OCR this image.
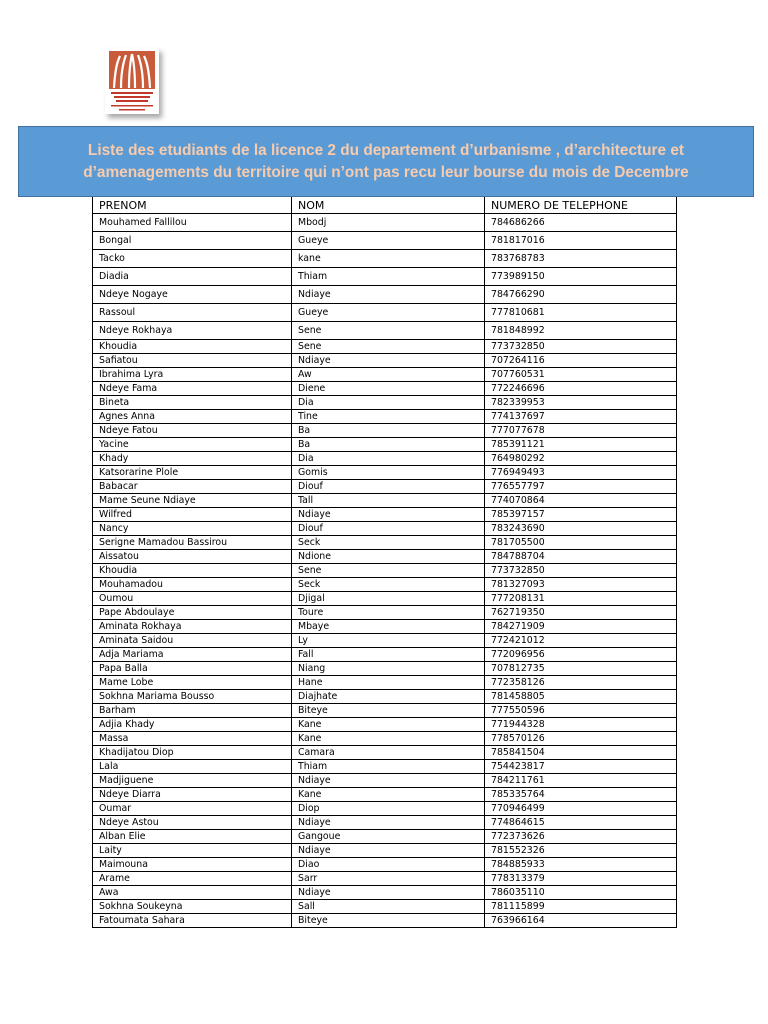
Liste des etudiants de la licence 2 du departement d’urbanisme , d’architecture et d’amenagements du territoire qui n’ont pas recu leur bourse du mois de Decembre
PRENOM	NOM	NUMERO DE TELEPHONE
Mouhamed Fallilou	Mbodj	784686266
Bongal	Gueye	781817016
Tacko	kane	783768783
Diadia	Thiam	773989150
Ndeye Nogaye	Ndiaye	784766290
Rassoul	Gueye	777810681
Ndeye Rokhaya	Sene	781848992
Khoudia	Sene	773732850
Safiatou	Ndiaye	707264116
Ibrahima Lyra	Aw	707760531
Ndeye Fama	Diene	772246696
Bineta	Dia	782339953
Agnes Anna	Tine	774137697
Ndeye Fatou	Ba	777077678
Yacine	Ba	785391121
Khady	Dia	764980292
Katsorarine Plole	Gomis	776949493
Babacar	Diouf	776557797
Mame Seune Ndiaye	Tall	774070864
Wilfred	Ndiaye	785397157
Nancy	Diouf	783243690
Serigne Mamadou Bassirou	Seck	781705500
Aissatou	Ndione	784788704
Khoudia	Sene	773732850
Mouhamadou	Seck	781327093
Oumou	Djigal	777208131
Pape Abdoulaye	Toure	762719350
Aminata Rokhaya	Mbaye	784271909
Aminata Saidou	Ly	772421012
Adja Mariama	Fall	772096956
Papa Balla	Niang	707812735
Mame Lobe	Hane	772358126
Sokhna Mariama Bousso	Diajhate	781458805
Barham	Biteye	777550596
Adjia Khady	Kane	771944328
Massa	Kane	778570126
Khadijatou Diop	Camara	785841504
Lala	Thiam	754423817
Madjiguene	Ndiaye	784211761
Ndeye Diarra	Kane	785335764
Oumar	Diop	770946499
Ndeye Astou	Ndiaye	774864615
Alban Elie	Gangoue	772373626
Laity	Ndiaye	781552326
Maimouna	Diao	784885933
Arame	Sarr	778313379
Awa	Ndiaye	786035110
Sokhna Soukeyna	Sall	781115899
Fatoumata Sahara	Biteye	763966164
